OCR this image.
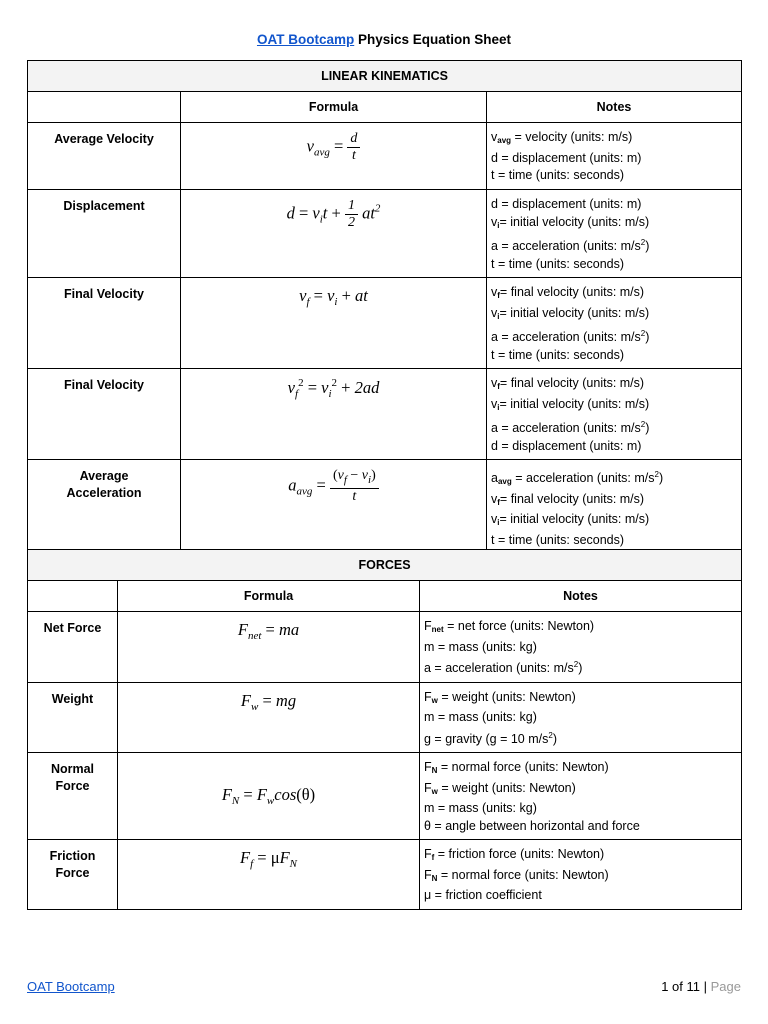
OAT Bootcamp Physics Equation Sheet
LINEAR KINEMATICS		
	Formula	Notes
Average Velocity	$v_{avg} = \frac{d}{t}$	$v_{avg}$ = velocity (units: m/s)
d = displacement (units: m)
t = time (units: seconds)

Displacement	$d = v_it + \frac{1}{2} at^2$	d = displacement (units: m)
$v_i=$ initial velocity (units: m/s)
a = acceleration (units: $m/s^2$)
t = time (units: seconds)

Final Velocity	$v_f = v_i$ + at	$v_f=$ final velocity (units: m/s)
$v_i=$ initial velocity (units: m/s)
a = acceleration (units: $m/s^2$)
t = time (units: seconds)

Final Velocity	$v_f^2 = v_i^2 + 2ad$	$v_f=$ final velocity (units: m/s)
$v_i=$ initial velocity (units: m/s)
a = acceleration (units: $m/s^2$)
d = displacement (units: m)

Average
Acceleration	$a_{avg} = \frac{(v_f - v_i)}{t}$	$a_{avg}$ = acceleration (units: $m/s^2$)
$v_f=$ final velocity (units: m/s)
$v_i=$ initial velocity (units: m/s)
t = time (units: seconds)
FORCES		
	Formula	Notes
Net Force	$F_{net}$ = ma	$F_{net}$ = net force (units: Newton)
m = mass (units: kg)
a = acceleration (units: $m/s^2$)

Weight	$F_w$ = mg	$F_w$ = weight (units: Newton)
m = mass (units: kg)
g = gravity (g = 10 $m/s^2$)

Normal
Force	$F_N = F_w\cos(\theta)$	$F_N$ = normal force (units: Newton)
$F_w$ = weight (units: Newton)
m = mass (units: kg)
θ = angle between horizontal and force

Friction
Force	$F_f = \mu F_N$	$F_f$ = friction force (units: Newton)
$F_N$ = normal force (units: Newton)
μ = friction coefficient
OAT Bootcamp	1 of 11 | Page
